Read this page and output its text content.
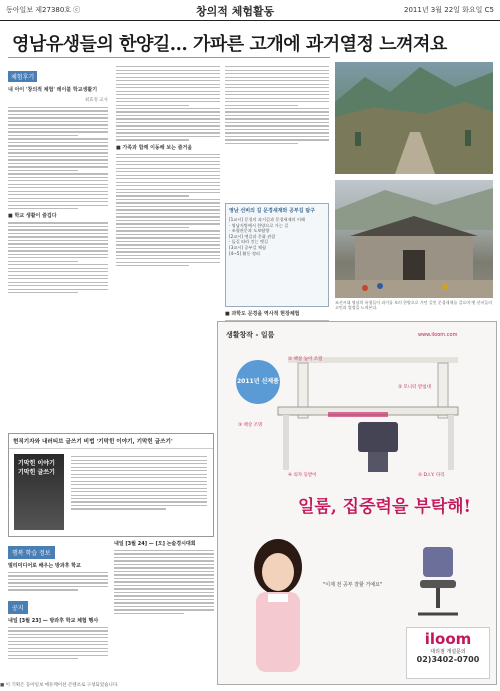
동아일보 제27380호 ⓒ	창의적 체험활동	2011년 3월 22일 화요일 C5
영남유생들의 한양길… 가파른 고개에 과거열정 느껴져요
체험후기
내 아이 '창의적 체험' 레이블 학교생활기
최효정 교사
■ 학교 생활이 즐겁다
■ 가족과 함께 이동해 보는 즐거움
영남 선비의 길 문경새재와 공부길 탐구
[1교시] 문경의 과거길과 문경새재의 이해
· 영남지방에서 한양으로 가는 길
· 조령관문과 도보탐방
[2교시] 옛길과 문화 관찰
· 돌길 따라 걷는 옛길
[3교시] 공부길 체험
[4~5] 활동 정리
■ 과학도 문경을 역사적 현장체험
조선시대 영남의 유생들이 과거를 보러 한양으로 가던 길인 문경새재를 걸으며 옛 선비들의 고민과 열정을 느껴본다.
현직기자와 내러티브 글쓰기 비법 '기막힌 이야기, 기막힌 글쓰기'
기막힌 이야기 기막힌 글쓰기
행복 학습 정보
멀티미디어로 배우는 방과후 학교
공지
내일 [3월 23] — 방과후 학교 체험 행사
내일 [3월 24] — [오] 논술경시대회
생활창작 - 일룸	www.iloom.com
2011년 신제품
① 책상 높이 조절
② 모니터 받침대
③ 책상 조명
④ 의자 등받이	⑤ D.I.Y. 다리
일룸, 집중력을 부탁해!
"이제 전 공부 잘할 거예요"
iloom
대리점 개설문의
02)3402-0700
■ 이 기획은 동아일보 에듀케이션 콘텐츠로 구성되었습니다.
